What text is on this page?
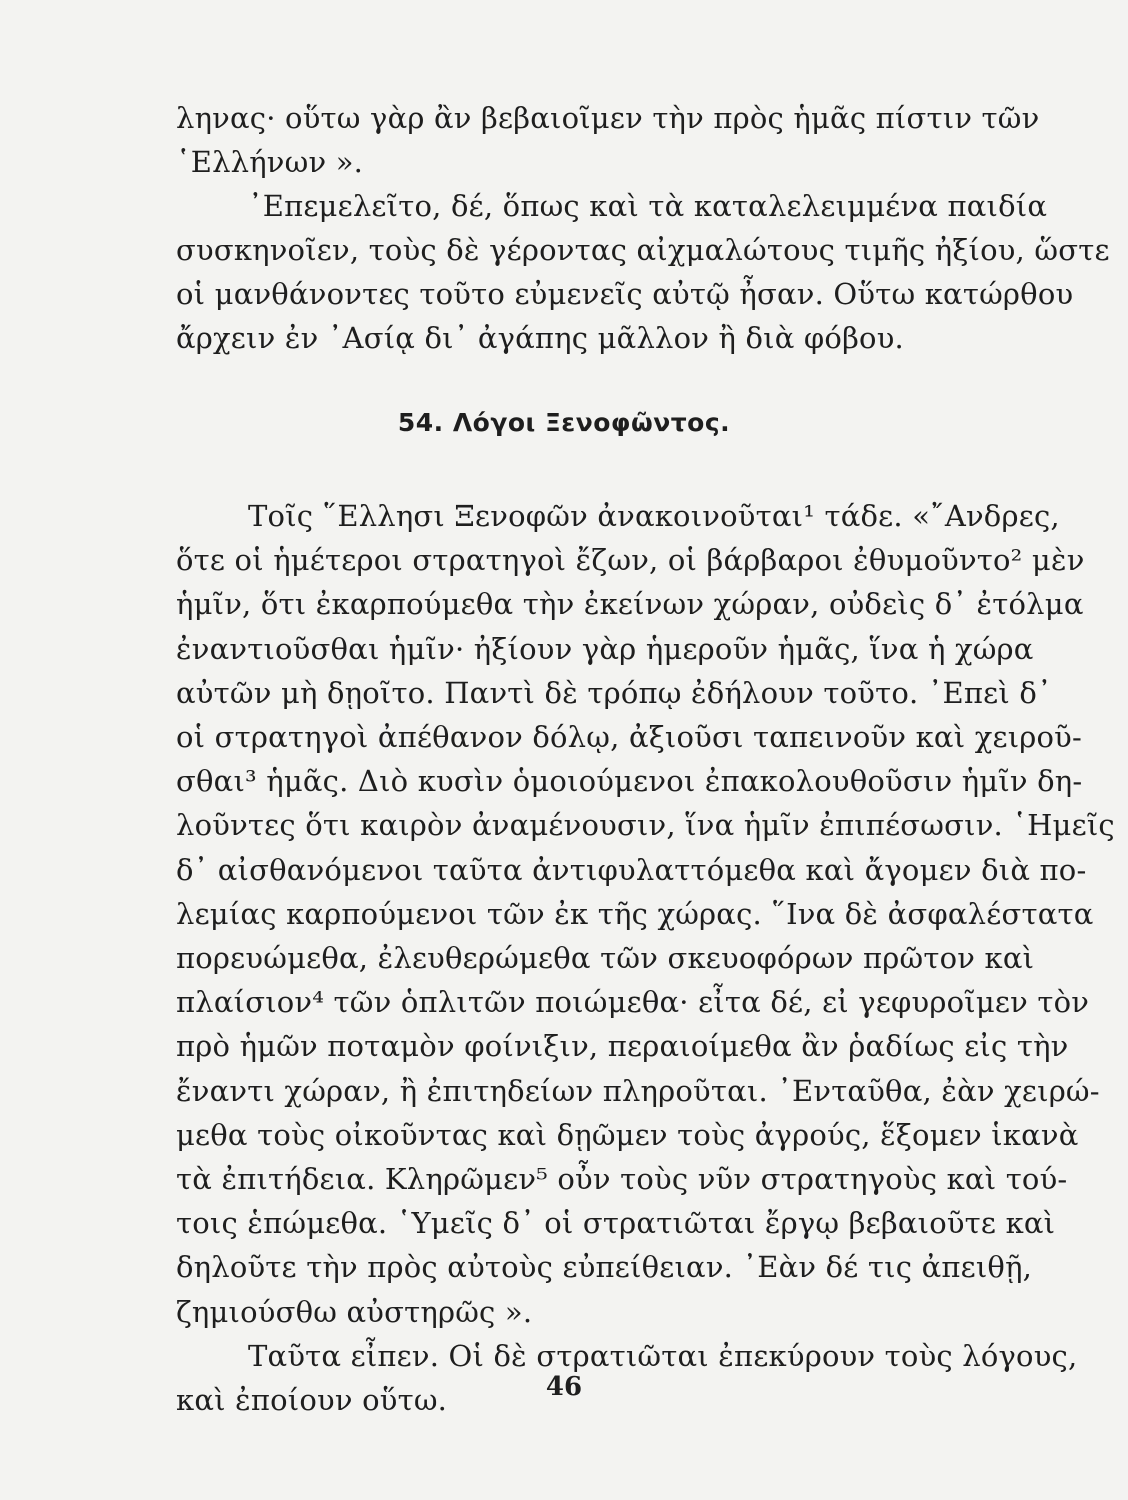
ληνας· οὕτω γὰρ ἂν βεβαιοῖμεν τὴν πρὸς ἡμᾶς πίστιν τῶν
῾Ελλήνων ».
᾿Επεμελεῖτο, δέ, ὅπως καὶ τὰ καταλελειμμένα παιδία
συσκηνοῖεν, τοὺς δὲ γέροντας αἰχμαλώτους τιμῆς ἠξίου, ὥστε
οἱ μανθάνοντες τοῦτο εὐμενεῖς αὐτῷ ἦσαν. Οὕτω κατώρθου
ἄρχειν ἐν ᾿Ασίᾳ δι᾿ ἀγάπης μᾶλλον ἢ διὰ φόβου.
54. Λόγοι Ξενοφῶντος.
Τοῖς ῞Ελλησι Ξενοφῶν ἀνακοινοῦται¹ τάδε. «῎Ανδρες,
ὅτε οἱ ἡμέτεροι στρατηγοὶ ἔζων, οἱ βάρβαροι ἐθυμοῦντο² μὲν
ἡμῖν, ὅτι ἐκαρπούμεθα τὴν ἐκείνων χώραν, οὐδεὶς δ᾿ ἐτόλμα
ἐναντιοῦσθαι ἡμῖν· ἠξίουν γὰρ ἡμεροῦν ἡμᾶς, ἵνα ἡ χώρα
αὐτῶν μὴ δῃοῖτο. Παντὶ δὲ τρόπῳ ἐδήλουν τοῦτο. ᾿Επεὶ δ᾿
οἱ στρατηγοὶ ἀπέθανον δόλῳ, ἀξιοῦσι ταπεινοῦν καὶ χειροῦ-
σθαι³ ἡμᾶς. Διὸ κυσὶν ὁμοιούμενοι ἐπακολουθοῦσιν ἡμῖν δη-
λοῦντες ὅτι καιρὸν ἀναμένουσιν, ἵνα ἡμῖν ἐπιπέσωσιν. ῾Ημεῖς
δ᾿ αἰσθανόμενοι ταῦτα ἀντιφυλαττόμεθα καὶ ἄγομεν διὰ πο-
λεμίας καρπούμενοι τῶν ἐκ τῆς χώρας. ῞Ινα δὲ ἀσφαλέστατα
πορευώμεθα, ἐλευθερώμεθα τῶν σκευοφόρων πρῶτον καὶ
πλαίσιον⁴ τῶν ὁπλιτῶν ποιώμεθα· εἶτα δέ, εἰ γεφυροῖμεν τὸν
πρὸ ἡμῶν ποταμὸν φοίνιξιν, περαιοίμεθα ἂν ῥαδίως εἰς τὴν
ἔναντι χώραν, ἢ ἐπιτηδείων πληροῦται. ᾿Ενταῦθα, ἐὰν χειρώ-
μεθα τοὺς οἰκοῦντας καὶ δῃῶμεν τοὺς ἀγρούς, ἕξομεν ἱκανὰ
τὰ ἐπιτήδεια. Κληρῶμεν⁵ οὖν τοὺς νῦν στρατηγοὺς καὶ τού-
τοις ἑπώμεθα. ῾Υμεῖς δ᾿ οἱ στρατιῶται ἔργῳ βεβαιοῦτε καὶ
δηλοῦτε τὴν πρὸς αὐτοὺς εὐπείθειαν. ᾿Εὰν δέ τις ἀπειθῇ,
ζημιούσθω αὐστηρῶς ».
Ταῦτα εἶπεν. Οἱ δὲ στρατιῶται ἐπεκύρουν τοὺς λόγους,
καὶ ἐποίουν οὕτω.	46
